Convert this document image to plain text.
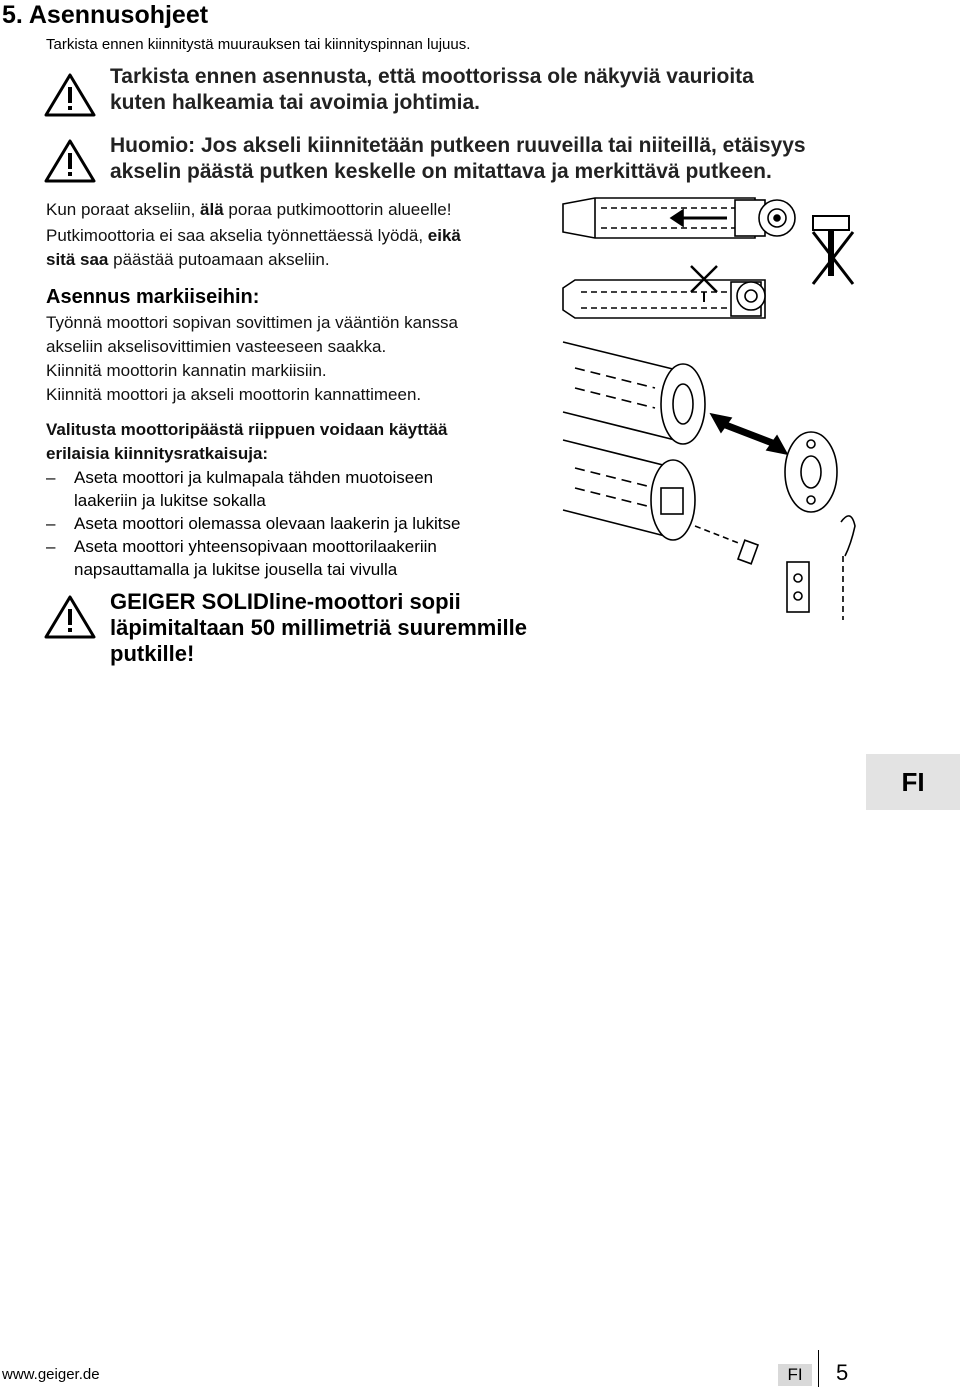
5. Asennusohjeet
Tarkista ennen kiinnitystä muurauksen tai kiinnityspinnan lujuus.
Tarkista ennen asennusta, että moottorissa ole näkyviä vaurioita
kuten halkeamia tai avoimia johtimia.
Huomio: Jos akseli kiinnitetään putkeen ruuveilla tai niiteillä, etäisyys
akselin päästä putken keskelle on mitattava ja merkittävä putkeen.
Kun poraat akseliin, älä poraa putkimoottorin alueelle!
Putkimoottoria ei saa akselia työnnettäessä lyödä, eikä
sitä saa päästää putoamaan akseliin.
Asennus markiiseihin:
Työnnä moottori sopivan sovittimen ja vääntiön kanssa
akseliin akselisovittimien vasteeseen saakka.
Kiinnitä moottorin kannatin markiisiin.
Kiinnitä moottori ja akseli moottorin kannattimeen.
Valitusta moottoripäästä riippuen voidaan käyttää
erilaisia kiinnitysratkaisuja:
–	Aseta moottori ja kulmapala tähden muotoiseen
laakeriin ja lukitse sokalla
–	Aseta moottori olemassa olevaan laakerin ja lukitse
–	Aseta moottori yhteensopivaan moottorilaakeriin
napsauttamalla ja lukitse jousella tai vivulla
GEIGER SOLIDline-moottori sopii
läpimitaltaan 50 millimetriä suuremmille
putkille!
FI
www.geiger.de	FI	5
